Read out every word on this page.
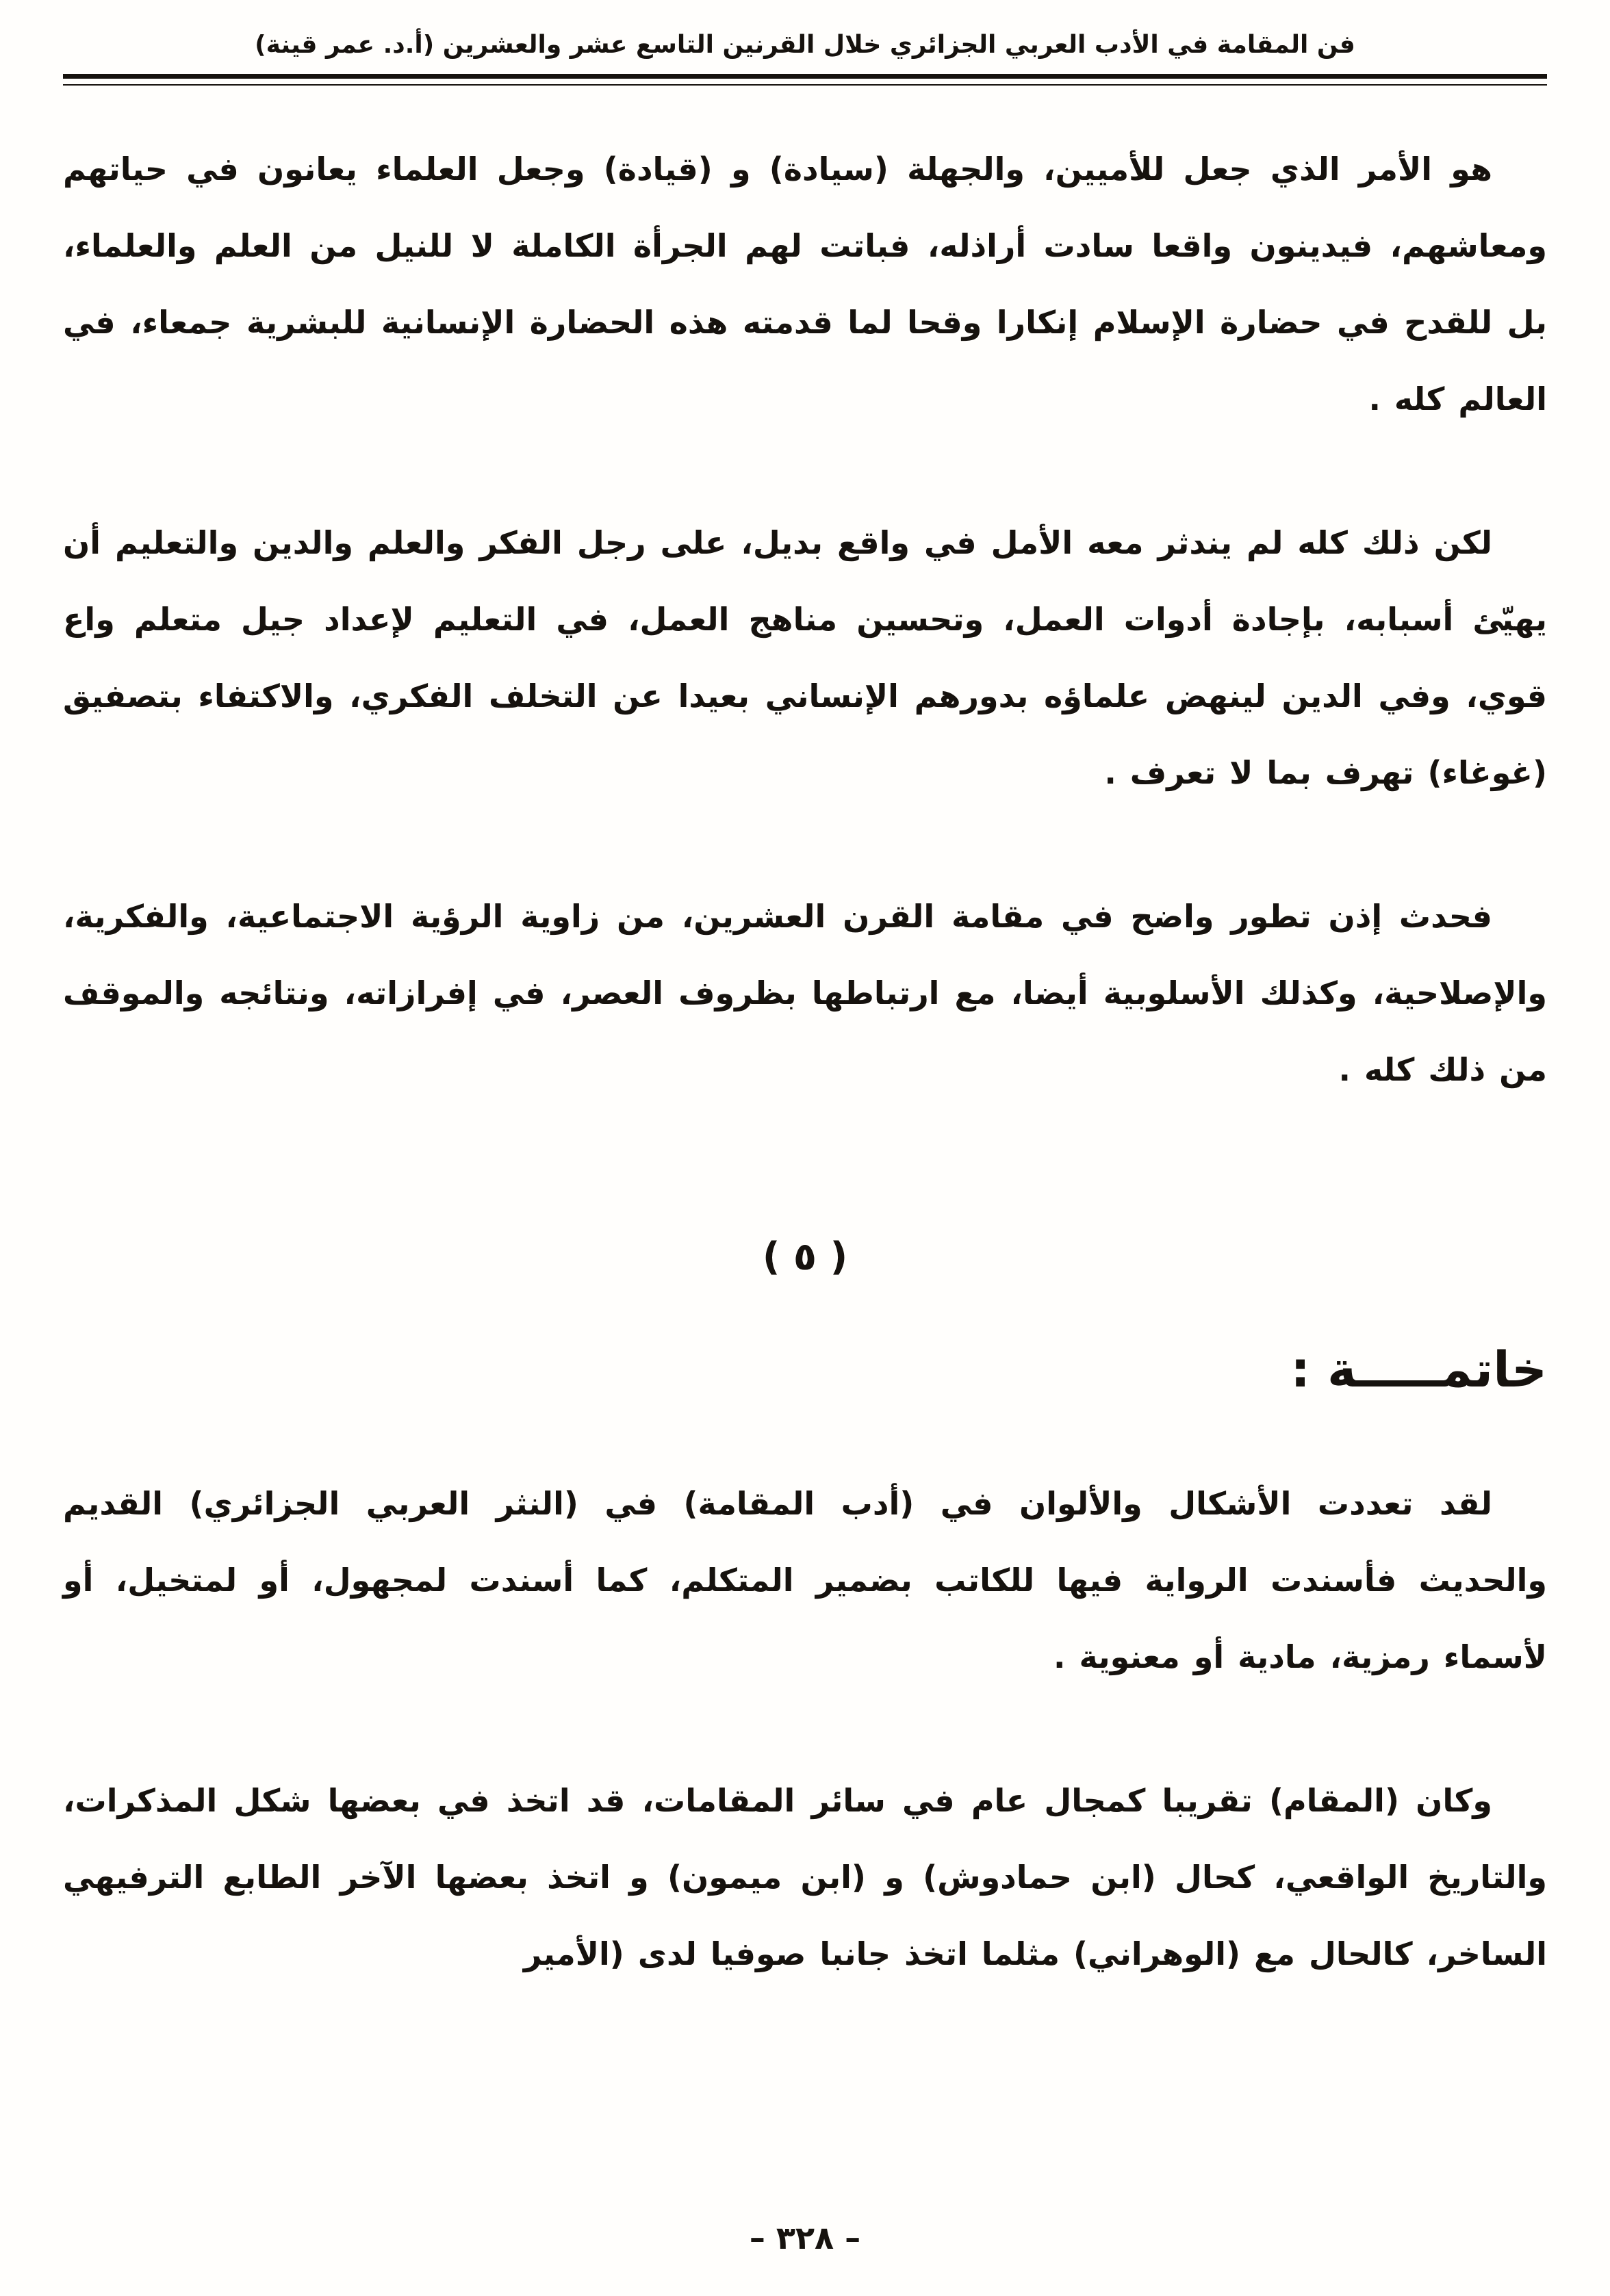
فن المقامة في الأدب العربي الجزائري خلال القرنين التاسع عشر والعشرين (أ.د. عمر قينة)

هو الأمر الذي جعل للأميين، والجهلة (سيادة) و (قيادة) وجعل العلماء يعانون في حياتهم ومعاشهم، فيدينون واقعا سادت أراذله، فباتت لهم الجرأة الكاملة لا للنيل من العلم والعلماء، بل للقدح في حضارة الإسلام إنكارا وقحا لما قدمته هذه الحضارة الإنسانية للبشرية جمعاء، في العالم كله .

لكن ذلك كله لم يندثر معه الأمل في واقع بديل، على رجل الفكر والعلم والدين والتعليم أن يهيّئ أسبابه، بإجادة أدوات العمل، وتحسين مناهج العمل، في التعليم لإعداد جيل متعلم واع قوي، وفي الدين لينهض علماؤه بدورهم الإنساني بعيدا عن التخلف الفكري، والاكتفاء بتصفيق (غوغاء) تهرف بما لا تعرف .

فحدث إذن تطور واضح في مقامة القرن العشرين، من زاوية الرؤية الاجتماعية، والفكرية، والإصلاحية، وكذلك الأسلوبية أيضا، مع ارتباطها بظروف العصر، في إفرازاته، ونتائجه والموقف من ذلك كله .

( ٥ )
خاتمـــــة :

لقد تعددت الأشكال والألوان في (أدب المقامة) في (النثر العربي الجزائري) القديم والحديث فأسندت الرواية فيها للكاتب بضمير المتكلم، كما أسندت لمجهول، أو لمتخيل، أو لأسماء رمزية، مادية أو معنوية .

وكان (المقام) تقريبا كمجال عام في سائر المقامات، قد اتخذ في بعضها شكل المذكرات، والتاريخ الواقعي، كحال (ابن حمادوش) و (ابن ميمون) و اتخذ بعضها الآخر الطابع الترفيهي الساخر، كالحال مع (الوهراني) مثلما اتخذ جانبا صوفيا لدى (الأمير

– ٣٢٨ –
